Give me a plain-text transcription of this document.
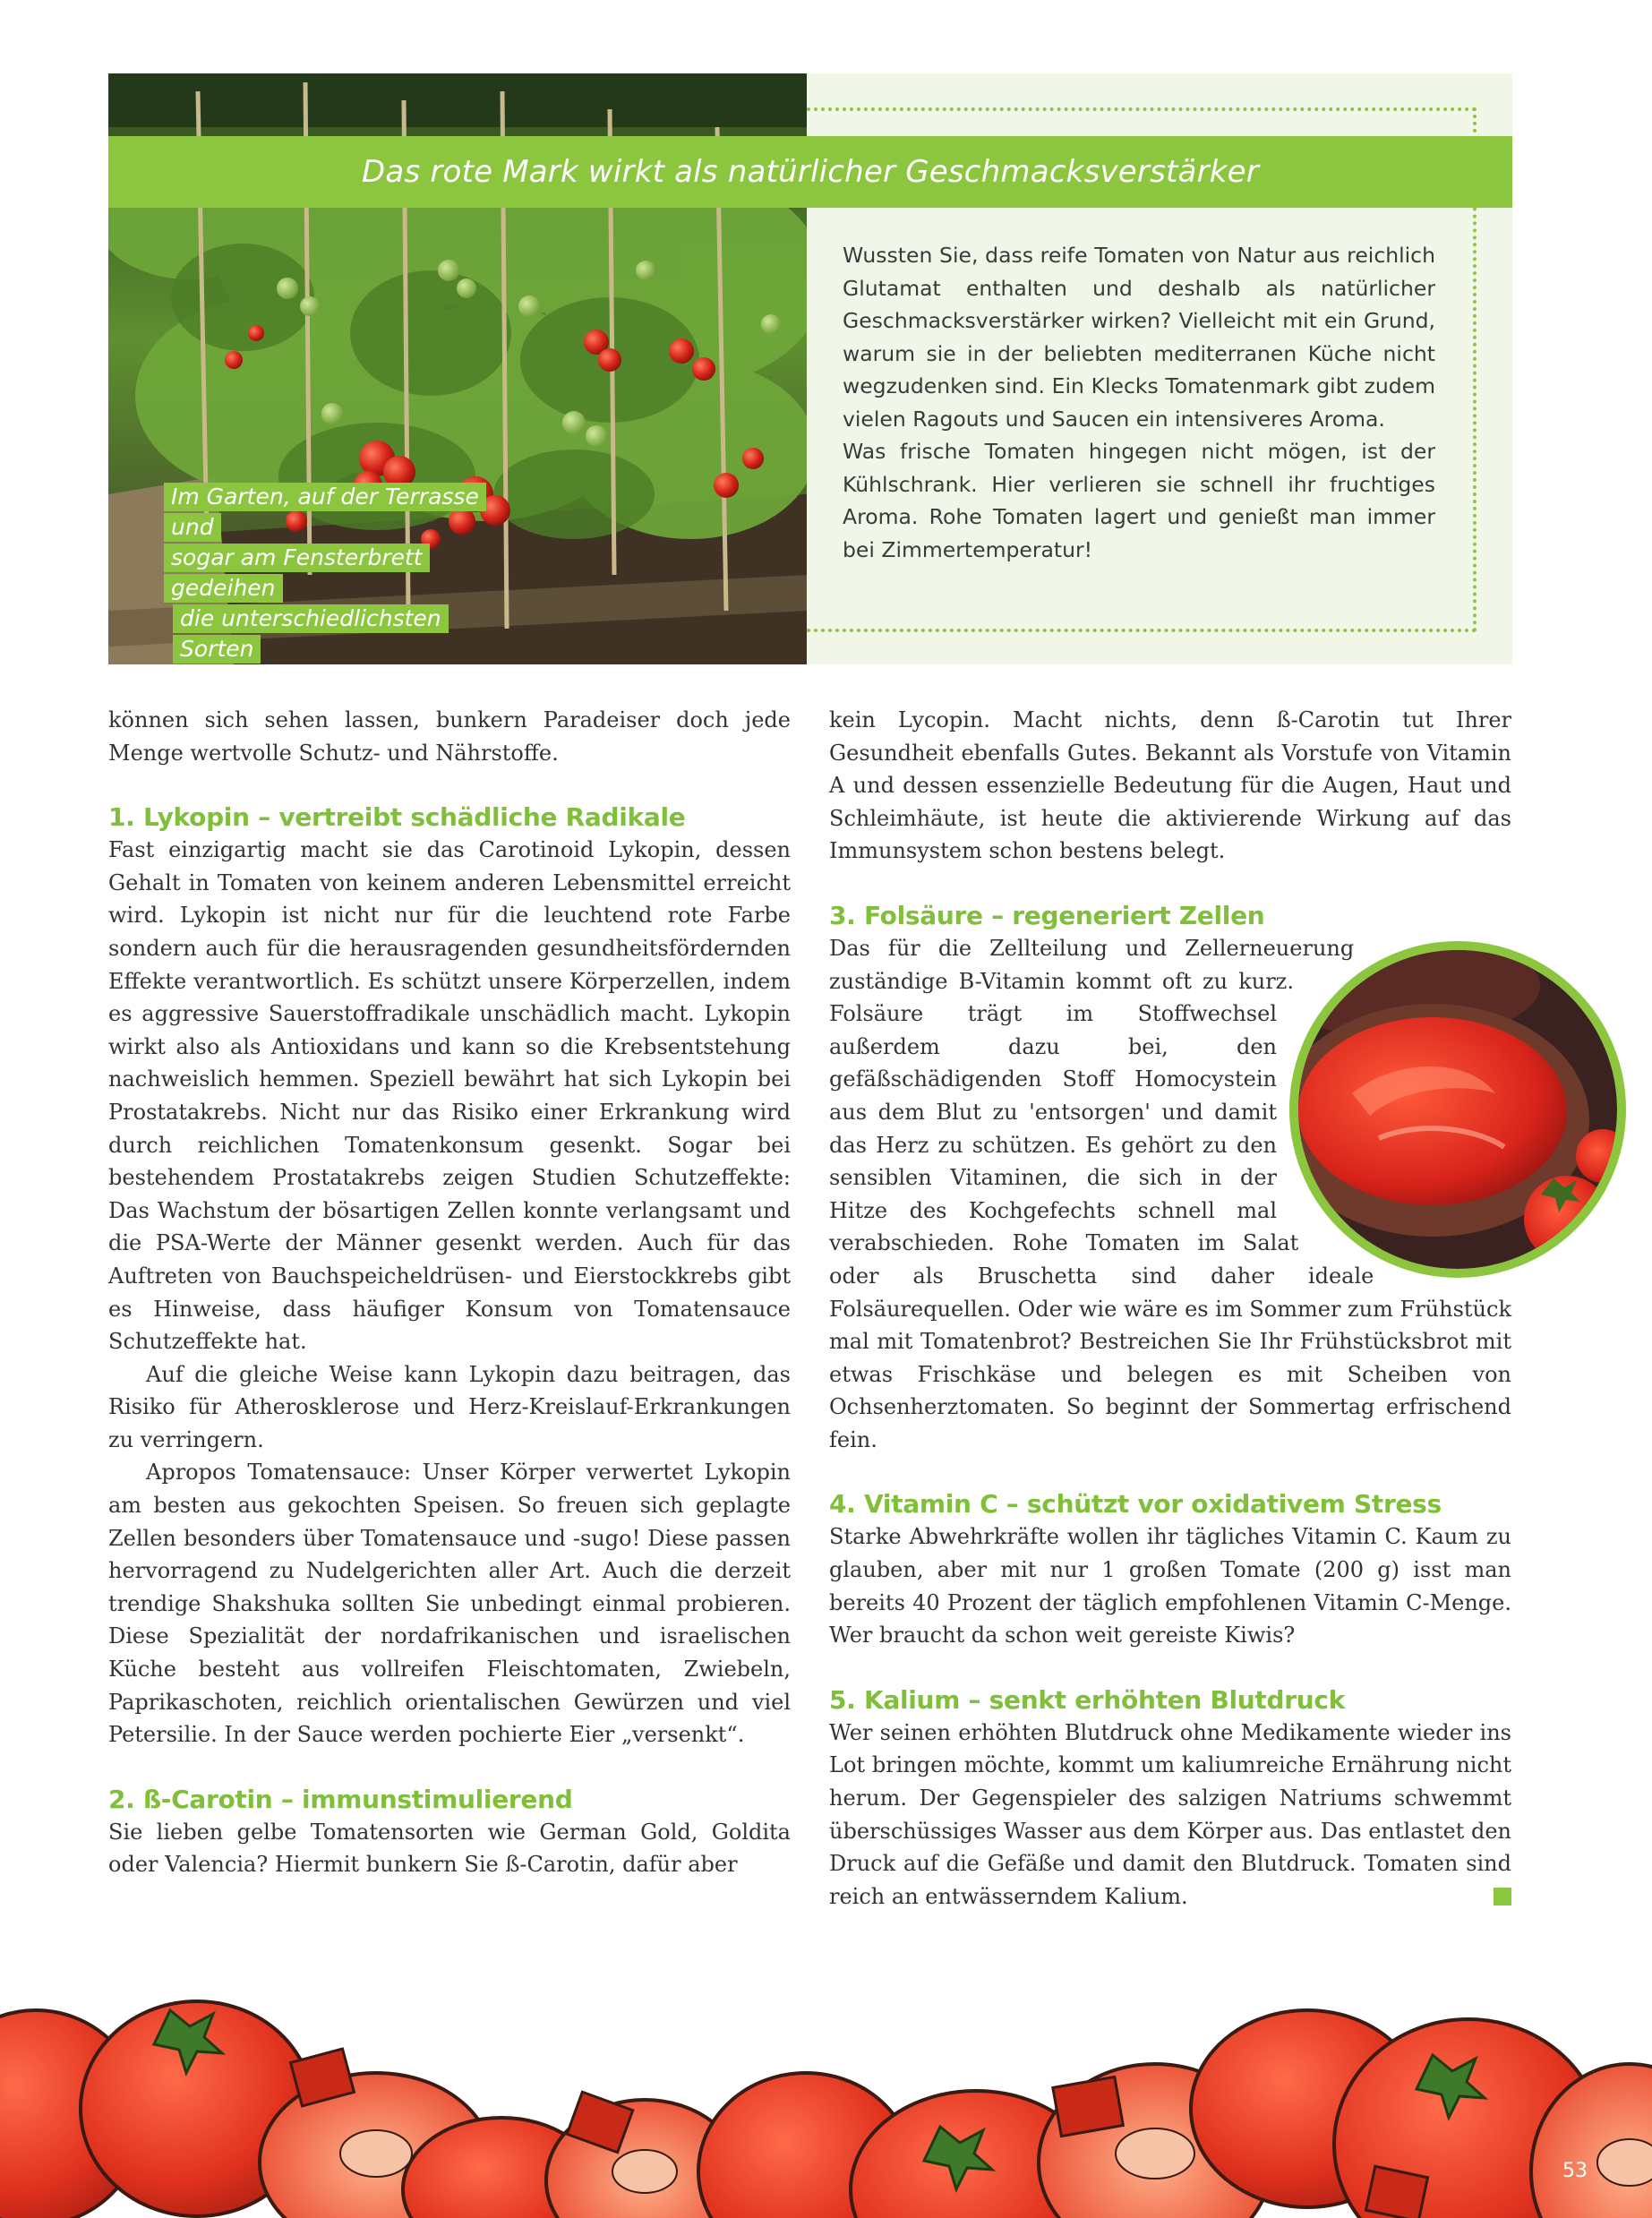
Im Garten, auf der Terrasse und
sogar am Fensterbrett gedeihen
die unterschiedlichsten Sorten

Wussten Sie, dass reife Tomaten von Natur aus reichlich Glutamat enthalten und deshalb als natürlicher Geschmacksverstärker wirken? Vielleicht mit ein Grund, warum sie in der beliebten mediterranen Küche nicht wegzudenken sind. Ein Klecks Tomatenmark gibt zudem vielen Ragouts und Saucen ein intensiveres Aroma.

Was frische Tomaten hingegen nicht mögen, ist der Kühlschrank. Hier verlieren sie schnell ihr fruchtiges Aroma. Rohe Tomaten lagert und genießt man immer bei Zimmertemperatur!

Das rote Mark wirkt als natürlicher Geschmacksverstärker

können sich sehen lassen, bunkern Paradeiser doch jede Menge wertvolle Schutz- und Nährstoffe.

1. Lykopin – vertreibt schädliche Radikale

Fast einzigartig macht sie das Carotinoid Lykopin, dessen Gehalt in Tomaten von keinem anderen Lebensmittel erreicht wird. Lykopin ist nicht nur für die leuchtend rote Farbe sondern auch für die herausragenden gesundheitsfördernden Effekte verantwortlich. Es schützt unsere Körperzellen, indem es aggressive Sauerstoffradikale unschädlich macht. Lykopin wirkt also als Antioxidans und kann so die Krebsentstehung nachweislich hemmen. Speziell bewährt hat sich Lykopin bei Prostatakrebs. Nicht nur das Risiko einer Erkrankung wird durch reichlichen Tomatenkonsum gesenkt. Sogar bei bestehendem Prostatakrebs zeigen Studien Schutzeffekte: Das Wachstum der bösartigen Zellen konnte verlangsamt und die PSA-Werte der Männer gesenkt werden. Auch für das Auftreten von Bauchspeicheldrüsen- und Eierstockkrebs gibt es Hinweise, dass häufiger Konsum von Tomatensauce Schutzeffekte hat.

Auf die gleiche Weise kann Lykopin dazu beitragen, das Risiko für Atherosklerose und Herz-Kreislauf-Erkrankungen zu verringern.

Apropos Tomatensauce: Unser Körper verwertet Lykopin am besten aus gekochten Speisen. So freuen sich geplagte Zellen besonders über Tomatensauce und -sugo! Diese passen hervorragend zu Nudelgerichten aller Art. Auch die derzeit trendige Shakshuka sollten Sie unbedingt einmal probieren. Diese Spezialität der nordafrikanischen und israelischen Küche besteht aus vollreifen Fleischtomaten, Zwiebeln, Paprikaschoten, reichlich orientalischen Gewürzen und viel Petersilie. In der Sauce werden pochierte Eier „versenkt“.

2. ß-Carotin – immunstimulierend

Sie lieben gelbe Tomatensorten wie German Gold, Goldita oder Valencia? Hiermit bunkern Sie ß-Carotin, dafür aber

kein Lycopin. Macht nichts, denn ß-Carotin tut Ihrer Gesundheit ebenfalls Gutes. Bekannt als Vorstufe von Vitamin A und dessen essenzielle Bedeutung für die Augen, Haut und Schleimhäute, ist heute die aktivierende Wirkung auf das Immunsystem schon bestens belegt.

3. Folsäure – regeneriert Zellen

Das für die Zellteilung und Zellerneuerung zuständige B-Vitamin kommt oft zu kurz. Folsäure trägt im Stoffwechsel außerdem dazu bei, den gefäßschädigenden Stoff Homocystein aus dem Blut zu 'entsorgen' und damit das Herz zu schützen. Es gehört zu den sensiblen Vitaminen, die sich in der Hitze des Kochgefechts schnell mal verabschieden. Rohe Tomaten im Salat oder als Bruschetta sind daher ideale Folsäurequellen. Oder wie wäre es im Sommer zum Frühstück mal mit Tomatenbrot? Bestreichen Sie Ihr Frühstücksbrot mit etwas Frischkäse und belegen es mit Scheiben von Ochsenherztomaten. So beginnt der Sommertag erfrischend fein.

4. Vitamin C – schützt vor oxidativem Stress

Starke Abwehrkräfte wollen ihr tägliches Vitamin C. Kaum zu glauben, aber mit nur 1 großen Tomate (200 g) isst man bereits 40 Prozent der täglich empfohlenen Vitamin C-Menge. Wer braucht da schon weit gereiste Kiwis?

5. Kalium – senkt erhöhten Blutdruck

Wer seinen erhöhten Blutdruck ohne Medikamente wieder ins Lot bringen möchte, kommt um kaliumreiche Ernährung nicht herum. Der Gegenspieler des salzigen Natriums schwemmt überschüssiges Wasser aus dem Körper aus. Das entlastet den Druck auf die Gefäße und damit den Blutdruck. Tomaten sind reich an entwässerndem Kalium.

53
